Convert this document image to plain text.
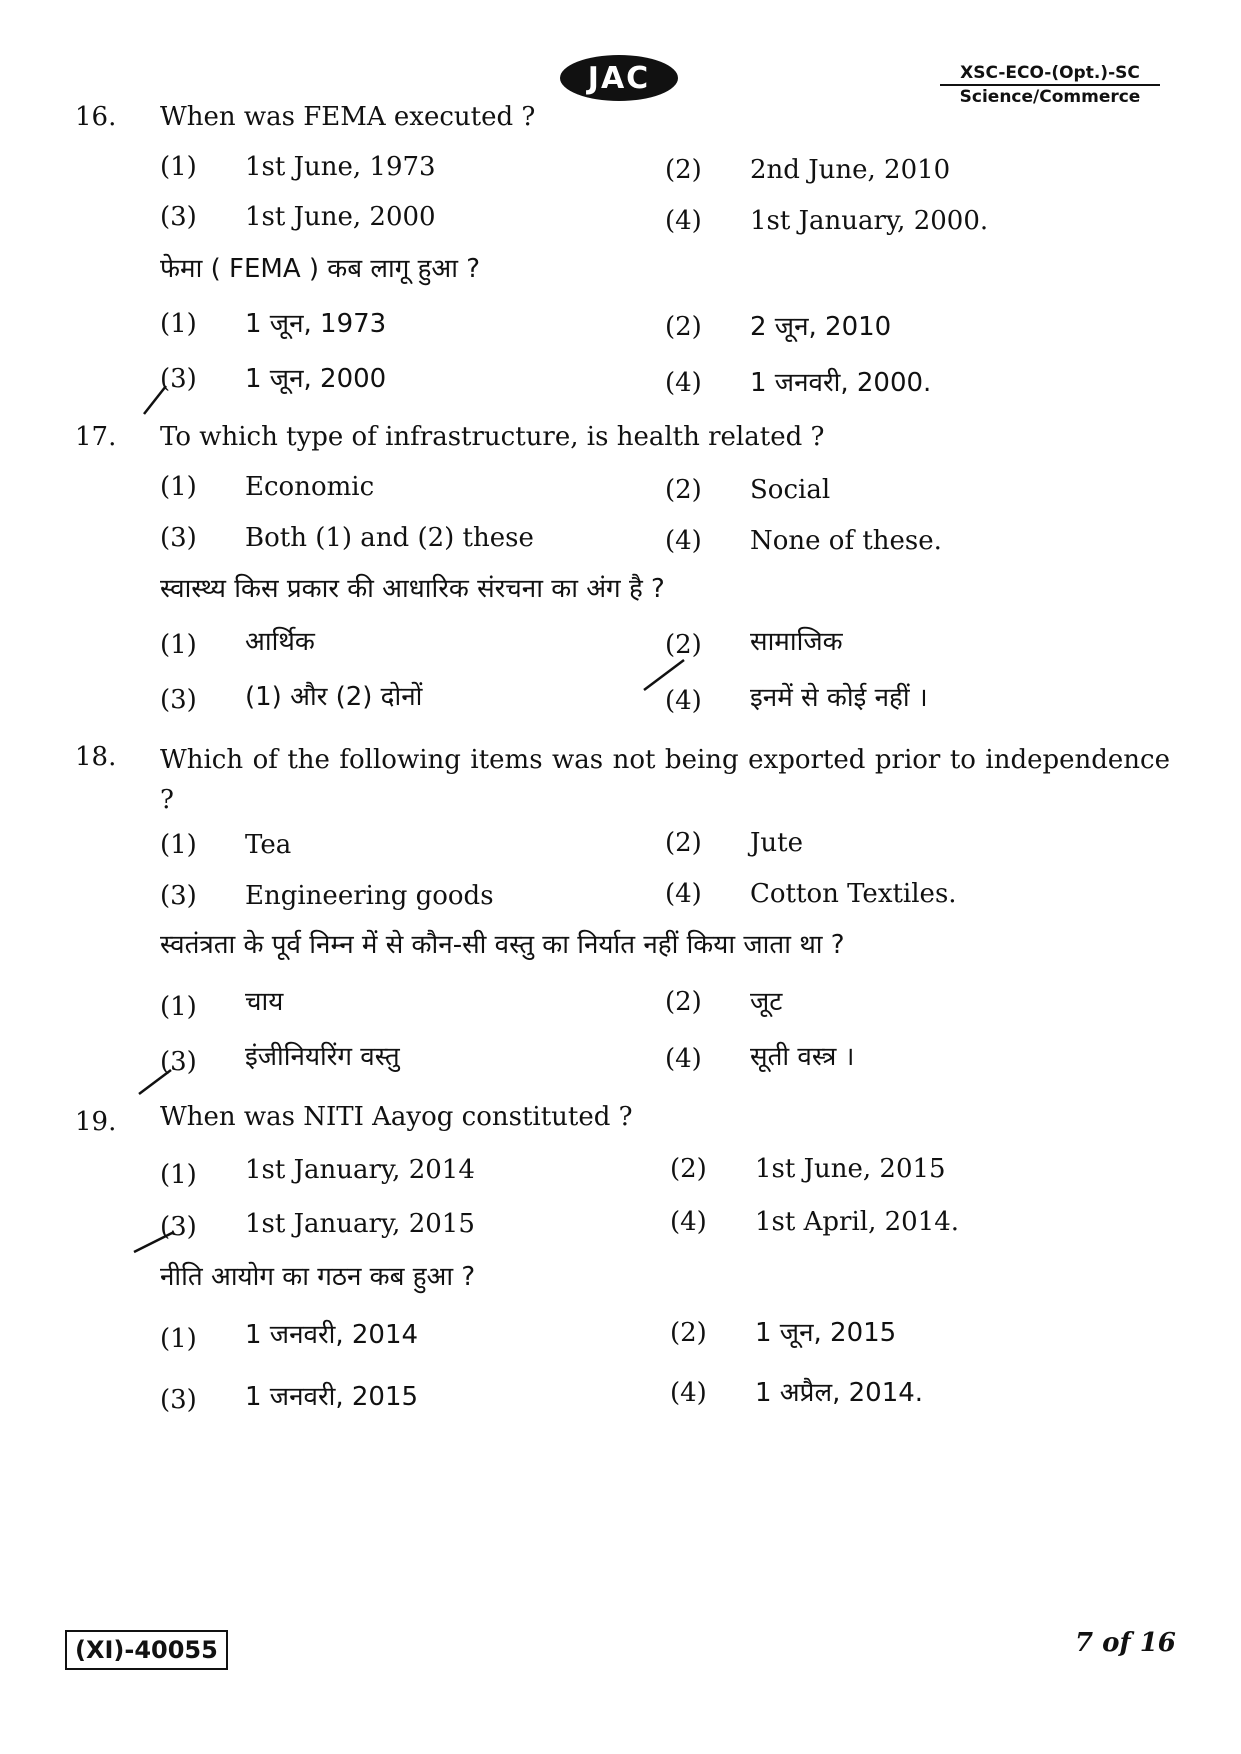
JAC	XSC-ECO-(Opt.)-SC
Science/Commerce
16. When was FEMA executed ?
(1) 1st June, 1973	(2) 2nd June, 2010
(3) 1st June, 2000	(4) 1st January, 2000.
फेमा ( FEMA ) कब लागू हुआ ?
(1) 1 जून, 1973	(2) 2 जून, 2010
(3) 1 जून, 2000	(4) 1 जनवरी, 2000.
17. To which type of infrastructure, is health related ?
(1) Economic	(2) Social
(3) Both (1) and (2) these	(4) None of these.
स्वास्थ्य किस प्रकार की आधारिक संरचना का अंग है ?
(1) आर्थिक	(2) सामाजिक
(3) (1) और (2) दोनों	(4) इनमें से कोई नहीं ।
18. Which of the following items was not being exported prior to independence ?
(1) Tea	(2) Jute
(3) Engineering goods	(4) Cotton Textiles.
स्वतंत्रता के पूर्व निम्न में से कौन-सी वस्तु का निर्यात नहीं किया जाता था ?
(1) चाय	(2) जूट
(3) इंजीनियरिंग वस्तु	(4) सूती वस्त्र ।
19. When was NITI Aayog constituted ?
(1) 1st January, 2014	(2) 1st June, 2015
(3) 1st January, 2015	(4) 1st April, 2014.
नीति आयोग का गठन कब हुआ ?
(1) 1 जनवरी, 2014	(2) 1 जून, 2015
(3) 1 जनवरी, 2015	(4) 1 अप्रैल, 2014.
(XI)-40055	7 of 16
